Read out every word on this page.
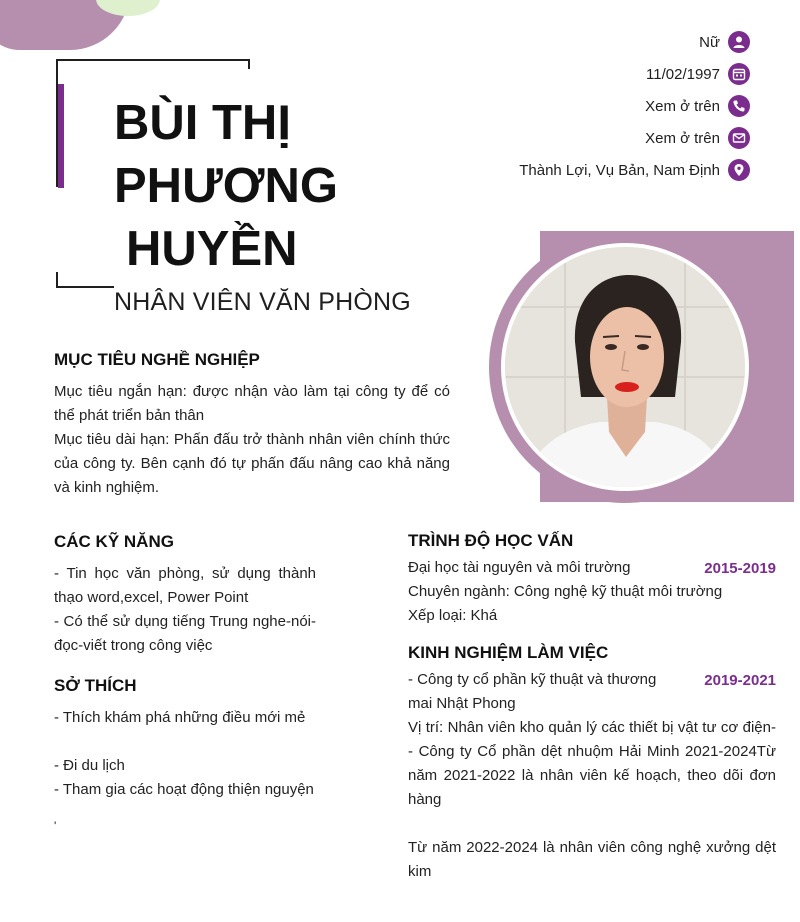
BÙI THỊ
PHƯƠNG
HUYỀN
NHÂN VIÊN VĂN PHÒNG
Nữ
11/02/1997
Xem ở trên
Xem ở trên
Thành Lợi, Vụ Bản, Nam Định
MỤC TIÊU NGHỀ NGHIỆP
Mục tiêu ngắn hạn: được nhận vào làm tại công ty để có thể phát triển bản thân
Mục tiêu dài hạn: Phấn đấu trở thành nhân viên chính thức của công ty. Bên cạnh đó tự phấn đấu nâng cao khả năng và kinh nghiệm.
CÁC KỸ NĂNG
- Tin học văn phòng, sử dụng thành thạo word,excel, Power Point
- Có thể sử dụng tiếng Trung nghe-nói- đọc-viết trong công việc
SỞ THÍCH
- Thích khám phá những điều mới mẻ
- Đi du lịch
- Tham gia các hoạt động thiện nguyện
'
TRÌNH ĐỘ HỌC VẤN
Đại học tài nguyên và môi trường	2015-2019
Chuyên ngành: Công nghệ kỹ thuật môi trường
Xếp loại: Khá
KINH NGHIỆM LÀM VIỆC
- Công ty cổ phần kỹ thuật và thương mai Nhật Phong
2019-2021
Vị trí: Nhân viên kho quản lý các thiết bị vật tư cơ điện- - Công ty Cổ phần dệt nhuộm Hải Minh 2021-2024Từ năm 2021-2022 là nhân viên kế hoạch, theo dõi đơn hàng
Từ năm 2022-2024 là nhân viên công nghệ xưởng dệt kim
